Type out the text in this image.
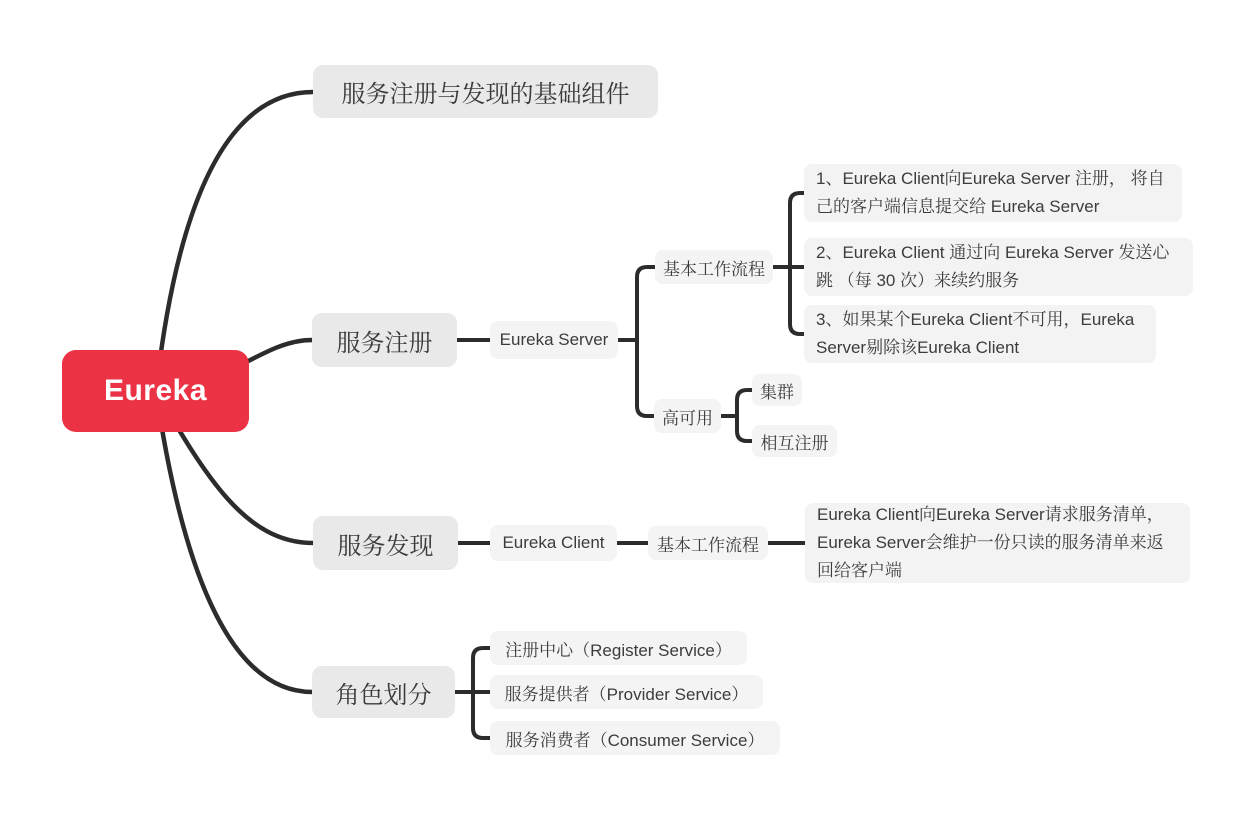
Eureka
服务注册与发现的基础组件
服务注册	Eureka Server
基本工作流程
1、Eureka Client向Eureka Server 注册， 将自己的客户端信息提交给 Eureka Server
2、Eureka Client 通过向 Eureka Server 发送心跳 （每 30 次）来续约服务
3、如果某个Eureka Client不可用，Eureka Server剔除该Eureka Client
高可用
集群
相互注册
服务发现	Eureka Client	基本工作流程
Eureka Client向Eureka Server请求服务清单，Eureka Server会维护一份只读的服务清单来返回给客户端
角色划分
注册中心（Register Service）
服务提供者（Provider Service）
服务消费者（Consumer Service）
